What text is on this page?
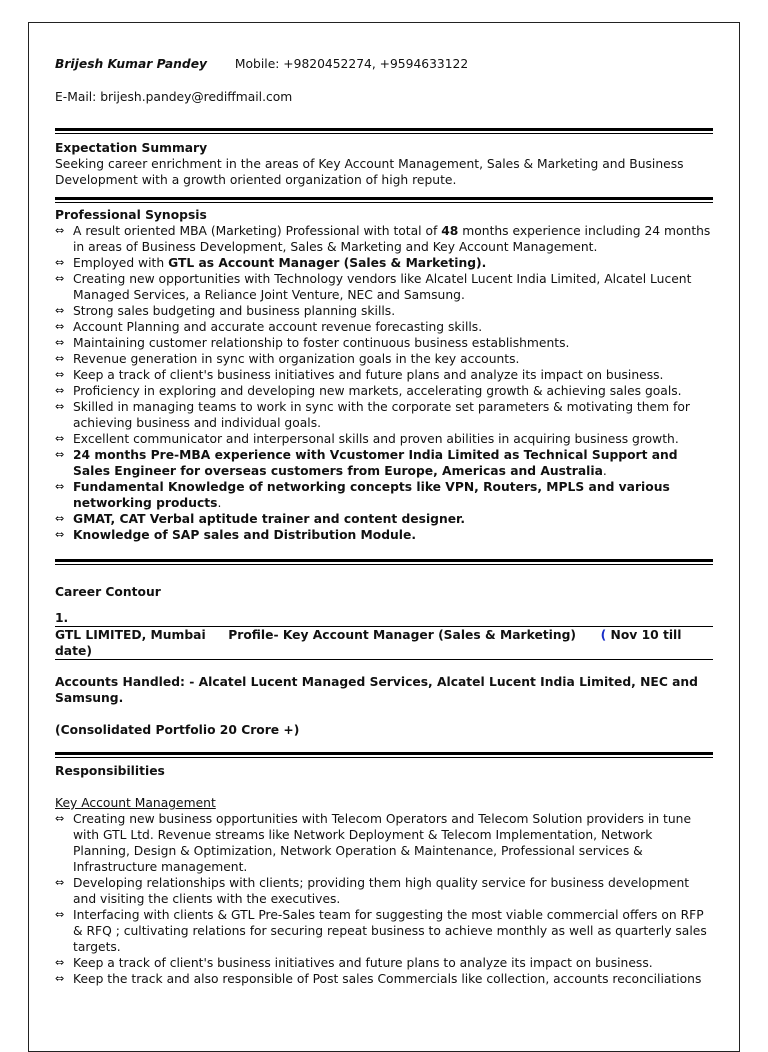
Brijesh Kumar Pandey Mobile: +9820452274, +9594633122
E-Mail: brijesh.pandey@rediffmail.com
Expectation Summary
Seeking career enrichment in the areas of Key Account Management, Sales & Marketing and Business Development with a growth oriented organization of high repute.
Professional Synopsis
⇔ A result oriented MBA (Marketing) Professional with total of 48 months experience including 24 months in areas of Business Development, Sales & Marketing and Key Account Management.
⇔ Employed with GTL as Account Manager (Sales & Marketing).
⇔ Creating new opportunities with Technology vendors like Alcatel Lucent India Limited, Alcatel Lucent Managed Services, a Reliance Joint Venture, NEC and Samsung.
⇔ Strong sales budgeting and business planning skills.
⇔ Account Planning and accurate account revenue forecasting skills.
⇔ Maintaining customer relationship to foster continuous business establishments.
⇔ Revenue generation in sync with organization goals in the key accounts.
⇔ Keep a track of client's business initiatives and future plans and analyze its impact on business.
⇔ Proficiency in exploring and developing new markets, accelerating growth & achieving sales goals.
⇔ Skilled in managing teams to work in sync with the corporate set parameters & motivating them for achieving business and individual goals.
⇔ Excellent communicator and interpersonal skills and proven abilities in acquiring business growth.
⇔ 24 months Pre-MBA experience with Vcustomer India Limited as Technical Support and Sales Engineer for overseas customers from Europe, Americas and Australia.
⇔ Fundamental Knowledge of networking concepts like VPN, Routers, MPLS and various networking products.
⇔ GMAT, CAT Verbal aptitude trainer and content designer.
⇔ Knowledge of SAP sales and Distribution Module.
Career Contour
1.
GTL LIMITED, Mumbai Profile- Key Account Manager (Sales & Marketing) ( Nov 10 till date)
Accounts Handled: - Alcatel Lucent Managed Services, Alcatel Lucent India Limited, NEC and Samsung.
(Consolidated Portfolio 20 Crore +)
Responsibilities
Key Account Management
⇔ Creating new business opportunities with Telecom Operators and Telecom Solution providers in tune with GTL Ltd. Revenue streams like Network Deployment & Telecom Implementation, Network Planning, Design & Optimization, Network Operation & Maintenance, Professional services & Infrastructure management.
⇔ Developing relationships with clients; providing them high quality service for business development and visiting the clients with the executives.
⇔ Interfacing with clients & GTL Pre-Sales team for suggesting the most viable commercial offers on RFP & RFQ ; cultivating relations for securing repeat business to achieve monthly as well as quarterly sales targets.
⇔ Keep a track of client's business initiatives and future plans to analyze its impact on business.
⇔ Keep the track and also responsible of Post sales Commercials like collection, accounts reconciliations
